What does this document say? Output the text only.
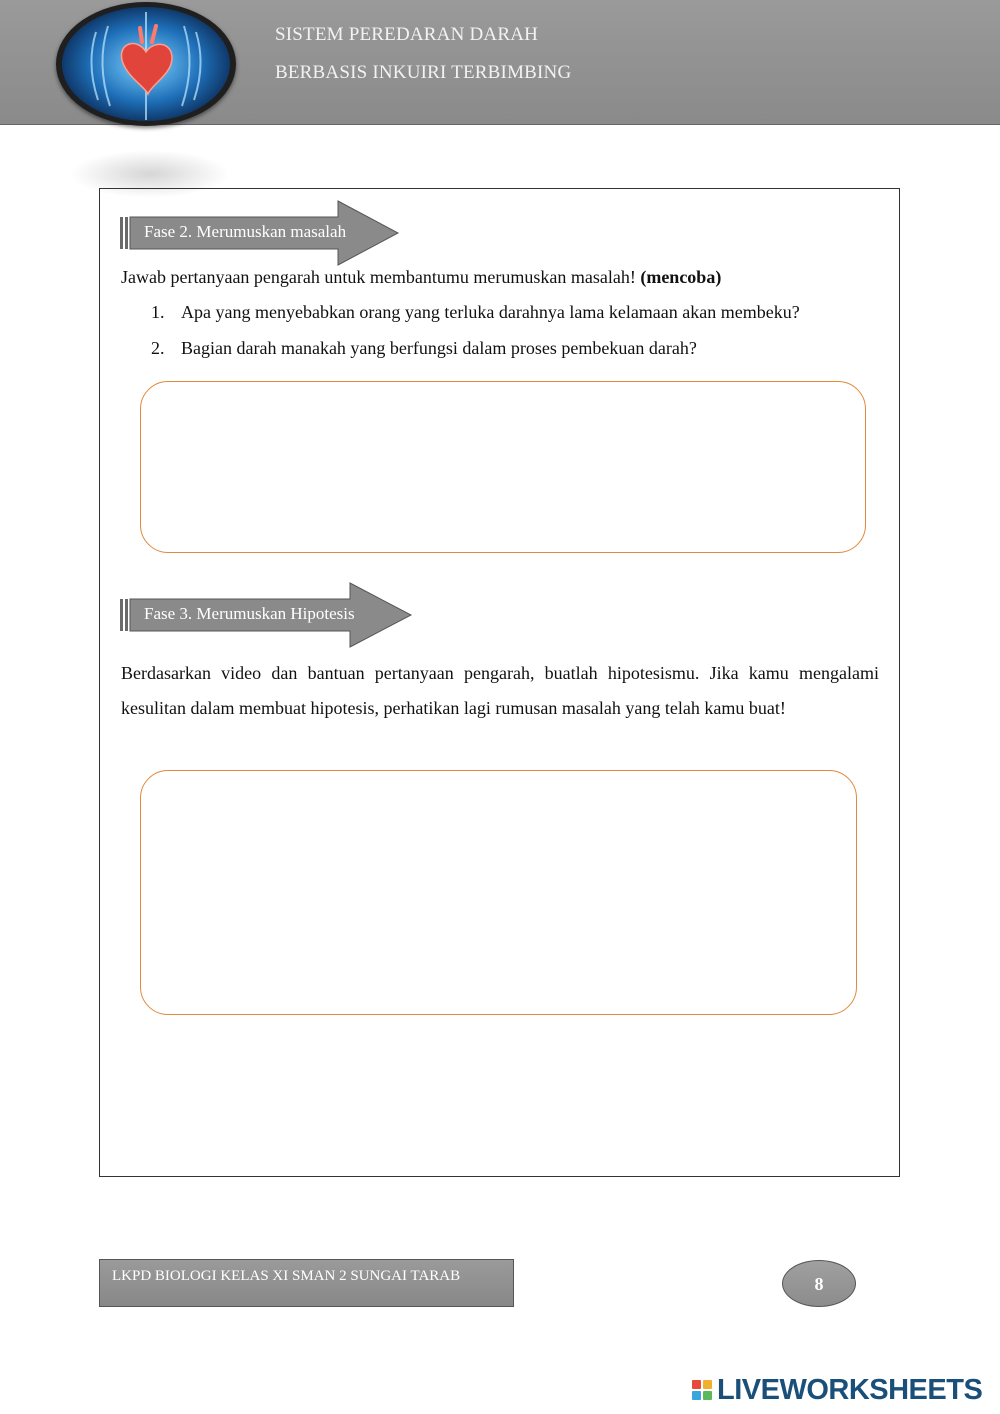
SISTEM PEREDARAN DARAH
BERBASIS INKUIRI TERBIMBING
Fase 2. Merumuskan masalah
Jawab pertanyaan pengarah untuk membantumu merumuskan masalah! (mencoba)
1. Apa yang menyebabkan orang yang terluka darahnya lama kelamaan akan membeku?
2. Bagian darah manakah yang berfungsi dalam proses pembekuan darah?
Fase 3. Merumuskan Hipotesis
Berdasarkan video dan bantuan pertanyaan pengarah, buatlah hipotesismu. Jika kamu mengalami kesulitan dalam membuat hipotesis, perhatikan lagi rumusan masalah yang telah kamu buat!
LKPD BIOLOGI KELAS XI SMAN 2 SUNGAI TARAB	8
LIVEWORKSHEETS
